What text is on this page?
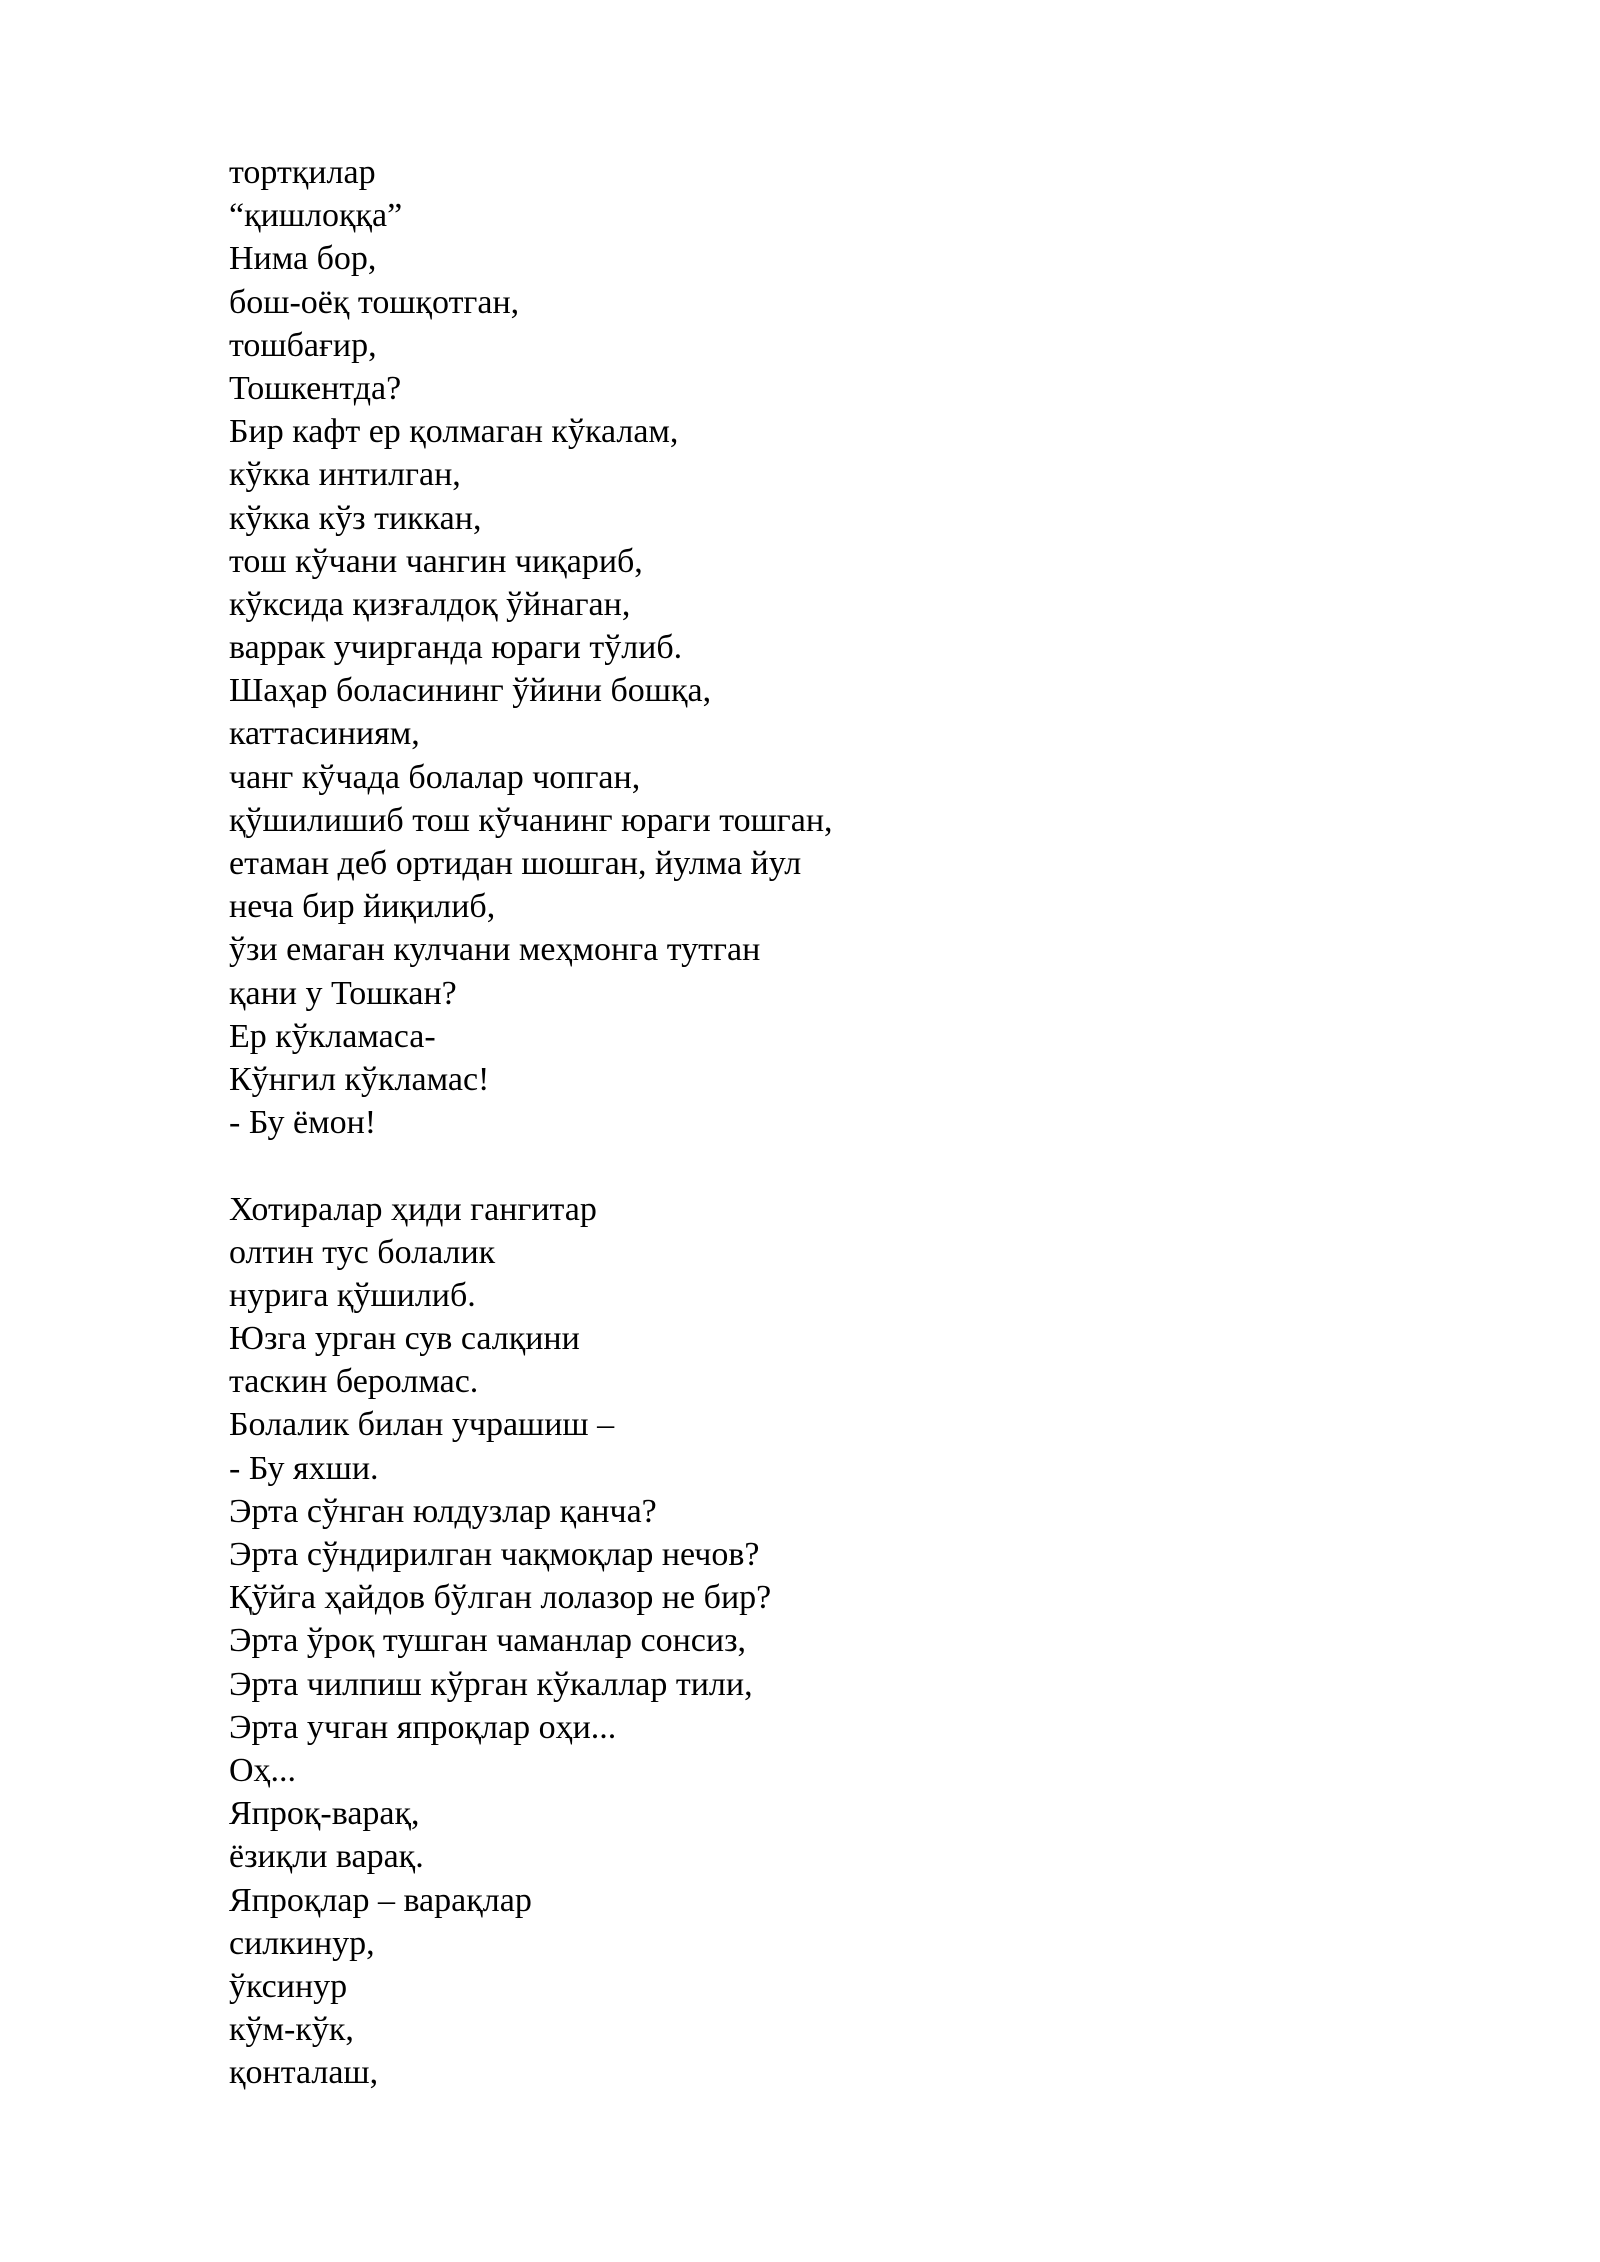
тортқилар
“қишлоққа”
Нима бор,
бош-оёқ тошқотган,
тошбағир,
Тошкентда?
Бир кафт ер қолмаган кўкалам,
кўкка интилган,
кўкка кўз тиккан,
тош кўчани чангин чиқариб,
кўксида қизғалдоқ ўйнаган,
варрак учирганда юраги тўлиб.
Шаҳар боласининг ўйини бошқа,
каттасиниям,
чанг кўчада болалар чопган,
қўшилишиб тош кўчанинг юраги тошган,
етаман деб ортидан шошган, йулма йул
неча бир йиқилиб,
ўзи емаган кулчани меҳмонга тутган
қани у Тошкан?
Ер кўкламаса-
Кўнгил кўкламас!
- Бу ёмон!
Хотиралар ҳиди гангитар
олтин тус болалик
нурига қўшилиб.
Юзга урган сув салқини
таскин беролмас.
Болалик билан учрашиш –
- Бу яхши.
Эрта сўнган юлдузлар қанча?
Эрта сўндирилган чақмоқлар нечов?
Қўйга ҳайдов бўлган лолазор не бир?
Эрта ўроқ тушган чаманлар сонсиз,
Эрта чилпиш кўрган кўкаллар тили,
Эрта учган япроқлар оҳи...
Оҳ...
Япроқ-варақ,
ёзиқли варақ.
Япроқлар – варақлар
силкинур,
ўксинур
кўм-кўк,
қонталаш,
